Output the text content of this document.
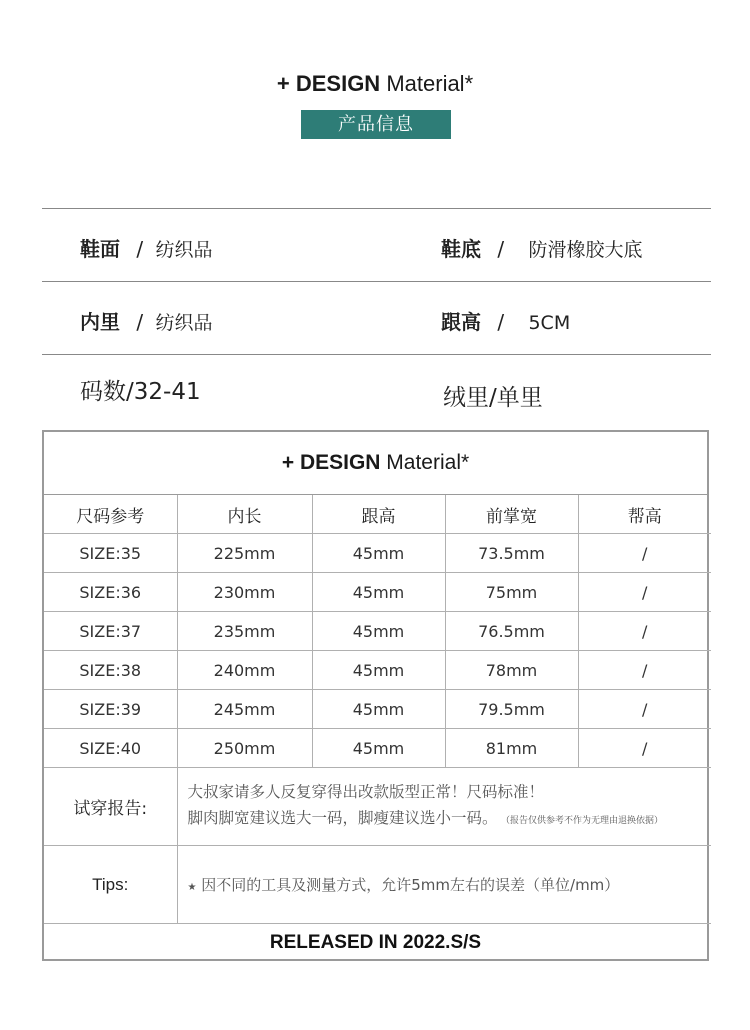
+ DESIGN Material*
产品信息
鞋面 / 纺织品	鞋底 / 防滑橡胶大底
内里 / 纺织品	跟高 / 5CM
码数/32-41	绒里/单里
+ DESIGN Material*
尺码参考	内长	跟高	前掌宽	帮高
SIZE:35	225mm	45mm	73.5mm	/
SIZE:36	230mm	45mm	75mm	/
SIZE:37	235mm	45mm	76.5mm	/
SIZE:38	240mm	45mm	78mm	/
SIZE:39	245mm	45mm	79.5mm	/
SIZE:40	250mm	45mm	81mm	/
试穿报告:	大叔家请多人反复穿得出改款版型正常！尺码标准！
脚肉脚宽建议选大一码，脚瘦建议选小一码。 （报告仅供参考不作为无理由退换依据）			

Tips:	★ 因不同的工具及测量方式，允许5mm左右的误差（单位/mm）			
RELEASED IN 2022.S/S
